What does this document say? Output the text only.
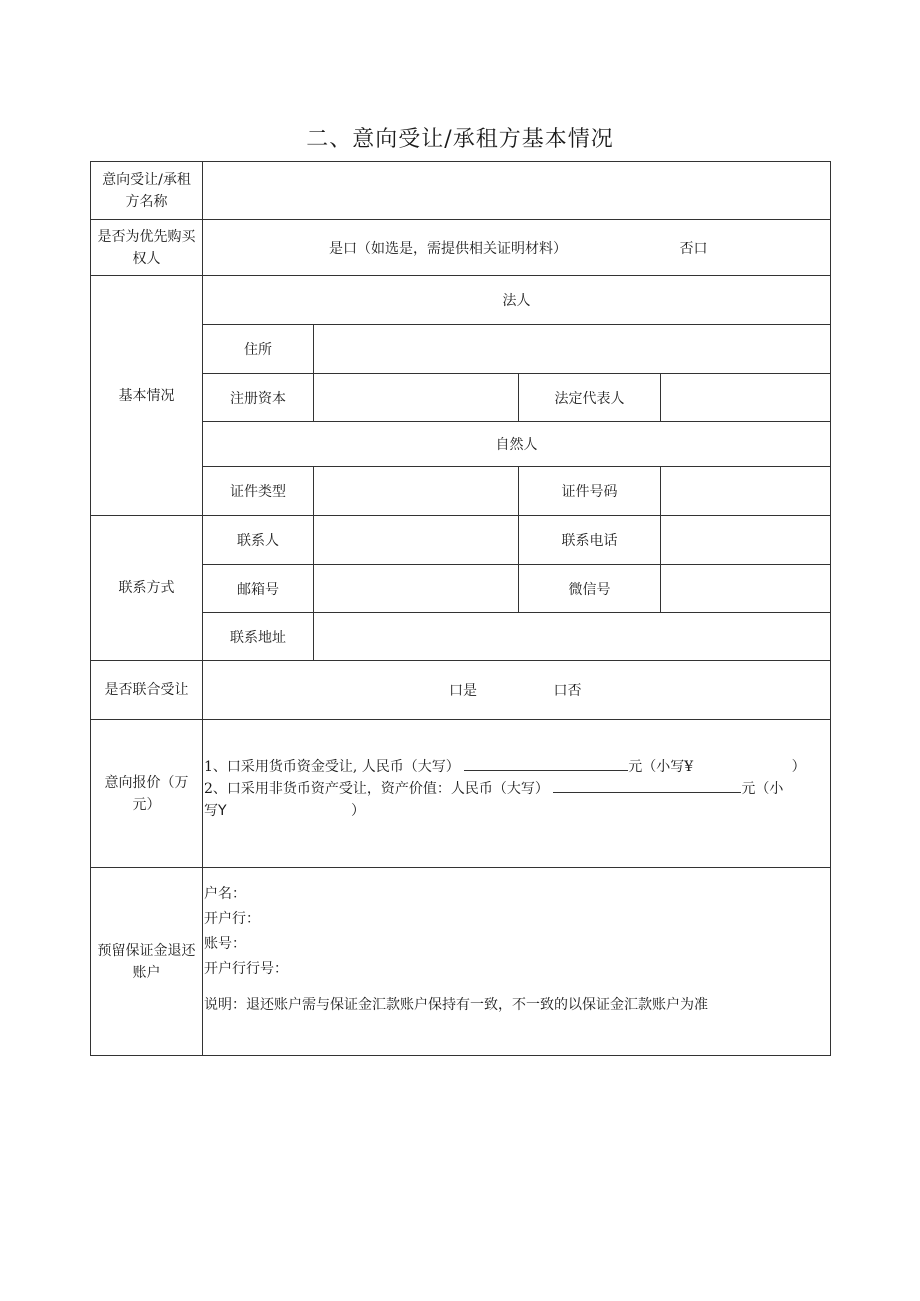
二、意向受让/承租方基本情况
意向受让/承租方名称				
是否为优先购买权人	是口（如选是，需提供相关证明材料） 否口			
基本情况	法人			
	住所			
	注册资本		法定代表人	
	自然人			
	证件类型		证件号码	
联系方式	联系人		联系电话	
	邮箱号		微信号	
	联系地址			
是否联合受让	口是 口否			
意向报价（万元）	1、口采用货币资金受让, 人民币（大写） 元（小写¥ ）
2、口采用非货币资产受让，资产价值：人民币（大写） 元（小
写Y ）			

预留保证金退还账户	户名：
开户行：
账号：
开户行行号：
说明：退还账户需与保证金汇款账户保持有一致，不一致的以保证金汇款账户为准			
